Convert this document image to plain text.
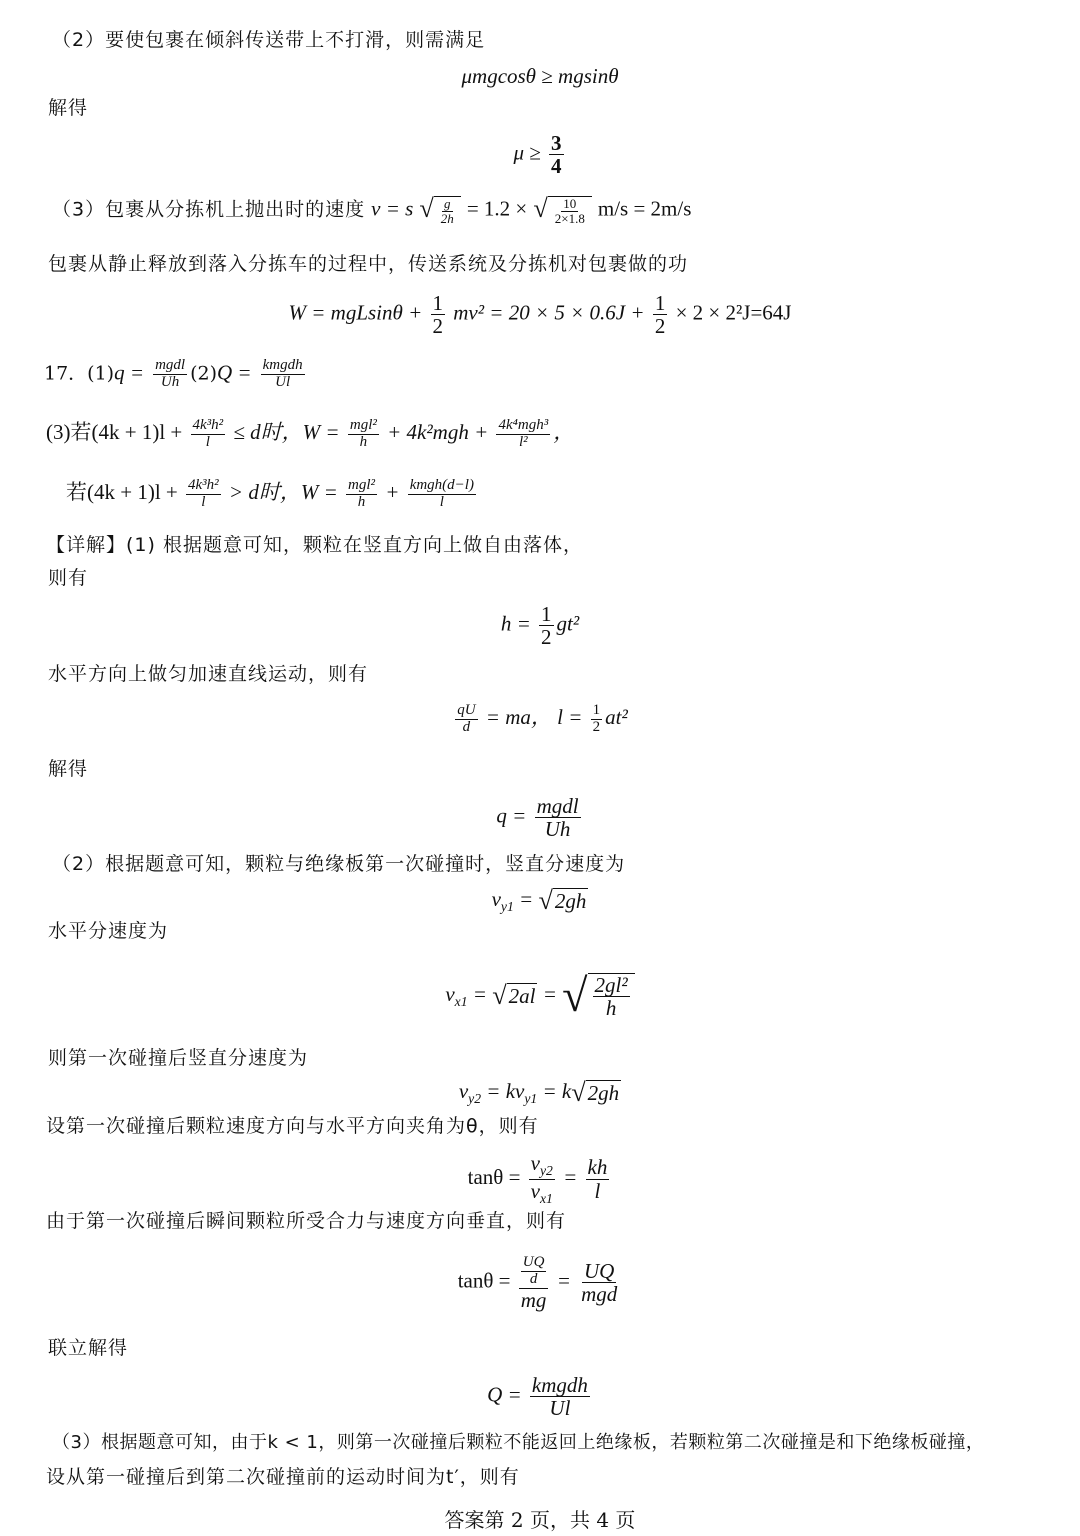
（2）要使包裹在倾斜传送带上不打滑，则需满足
μmgcosθ ≥ mgsinθ
解得
$\mu \ge \frac{3}{4}$
（3）包裹从分拣机上抛出时的速度 v = s √ $\frac{g}{2h} = 1.2$ × √ $\frac{10}{2\times 1.8} m/s = 2m/s$
包裹从静止释放到落入分拣车的过程中，传送系统及分拣机对包裹做的功
$W = mgLsin\theta + \frac{1}{2} mv^2 = 20 \times 5 \times 0.6J + \frac{1}{2} \times 2 \times 2^2J=64J$
17．$(1)q = \frac{\text{mgdl}}{Uh} (2)Q = \frac{\text{kmgdh}}{Ul}$
(3)若$(4k + 1)l + \frac{\text{4k³h²}}{l} \le d$时，$W = \frac{\text{mgl²}}{h} + 4k^2mgh + \frac{\text{4k⁴mgh³}}{\text{l²}}$ ，
若$(4k + 1)l + \frac{\text{4k³h²}}{l} > d$时，$W = \frac{\text{mgl²}}{h} + \frac{\text{kmgh(d−l)}}{l}$
【详解】(1) 根据题意可知，颗粒在竖直方向上做自由落体，
则有
$h = \frac{1}{2} gt^2$
水平方向上做匀加速直线运动，则有
$\frac{qU}{d}$ = ma， $l = \frac{1}{2} at^2$
解得
$q = \frac{\text{mgdl}}{Uh}$
（2）根据题意可知，颗粒与绝缘板第一次碰撞时，竖直分速度为
$v_{y1}$ = √ 2gh
水平分速度为
$v_{x1}$ = √ 2al = √ $\frac{\text{2gl²}}{h}$
则第一次碰撞后竖直分速度为
$v_{y2} = kv_{y1} = k$ √ 2gh
设第一次碰撞后颗粒速度方向与水平方向夹角为θ，则有
$\tan\theta = \frac{v_{y2}}{v_{x1}} = \frac{kh}{l}$
由于第一次碰撞后瞬间颗粒所受合力与速度方向垂直，则有
$\tan\theta = \frac{\frac{UQ}{d}}{mg} = \frac{UQ}{\text{mgd}}$
联立解得
$Q = \frac{\text{kmgdh}}{Ul}$
（3）根据题意可知，由于k < 1，则第一次碰撞后颗粒不能返回上绝缘板，若颗粒第二次碰撞是和下绝缘板碰撞，
设从第一碰撞后到第二次碰撞前的运动时间为t′，则有
答案第 2 页，共 4 页
